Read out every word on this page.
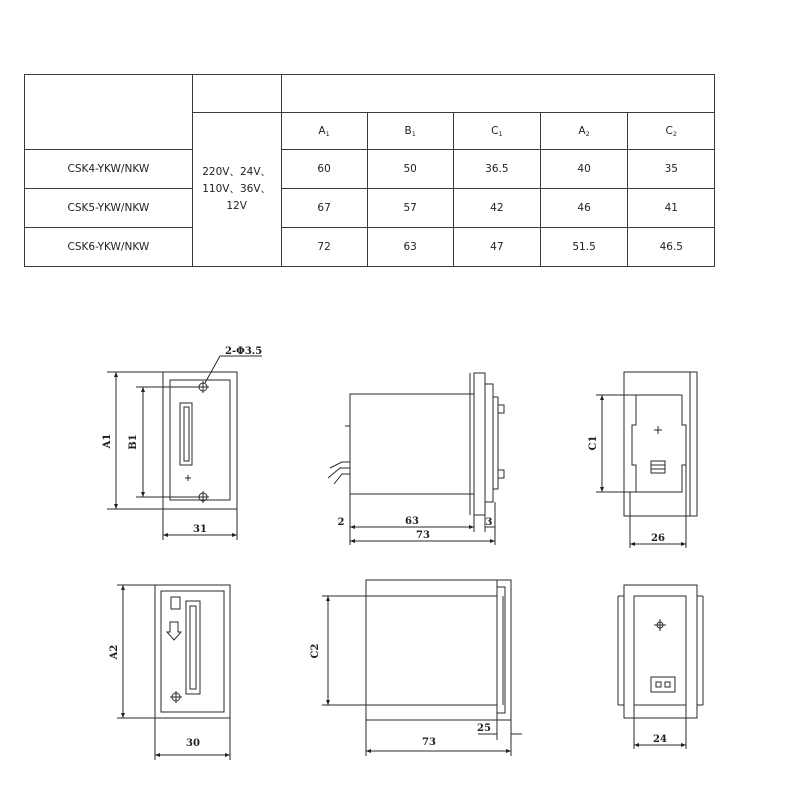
	220V、24V、
110V、36V、12V	$A_1$	$B_1$	$C_1$	$A_2$	$C_2$
CSK4-YKW/NKW		60	50	36.5	40	35
CSK5-YKW/NKW		67	57	42	46	41
CSK6-YKW/NKW		72	63	47	51.5	46.5
2-Φ3.5
A1 B1
31
2	63	3
73
C1
26
A2
30
C2
73
25
24
